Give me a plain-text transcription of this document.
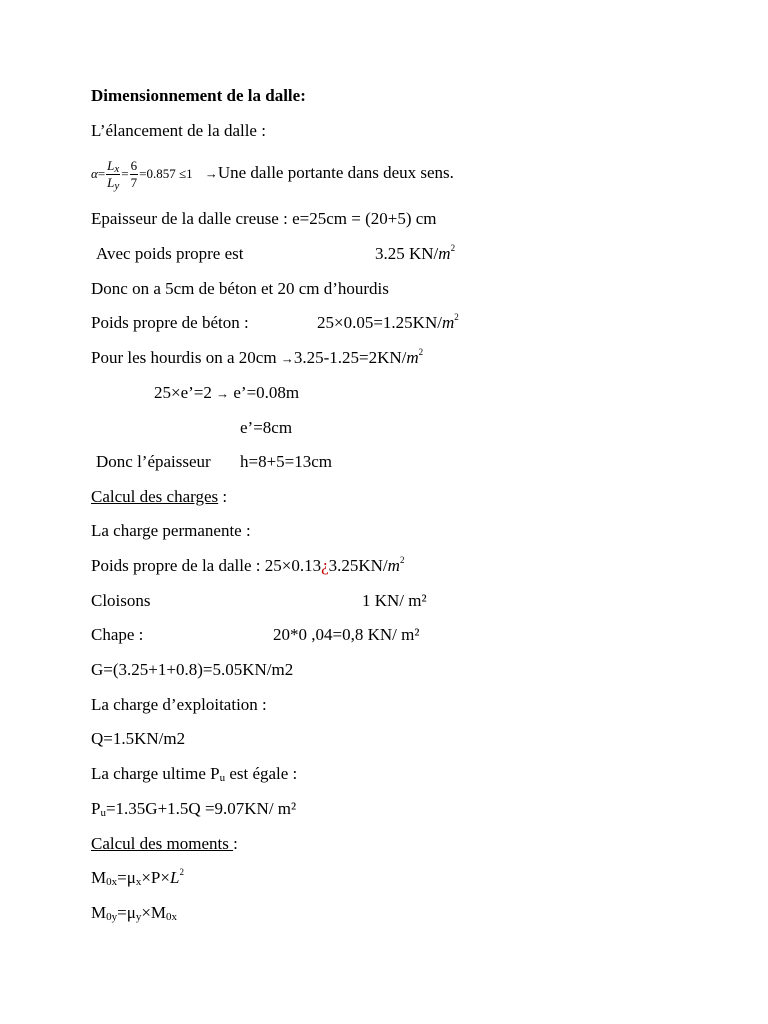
Dimensionnement de la dalle:
L’élancement de la dalle :
$\alpha= \frac{L_x}{L_y} = \frac{6}{7} =0.857 \le 1 \to Une$ dalle portante dans deux sens.
Epaisseur de la dalle creuse : e=25cm = (20+5) cm
Avec poids propre est	3.25 $KN/m^2$
Donc on a 5cm de béton et 20 cm d’hourdis
Poids propre de béton :	$25\times 0.05=1.25KN/m^2$
Pour les hourdis on a $20cm \to 3.25-1.25=2KN/m^2$
25×e’=2 → e’=0.08m
e’=8cm
Donc l’épaisseur h=8+5=13cm
Calcul des charges :
La charge permanente :
Poids propre de la dalle : $25\times 0.13¿3.25KN/m^2$
Cloisons	1 KN/ m²
Chape :	20*0 ,04=0,8 KN/ m²
G=(3.25+1+0.8)=5.05KN/m2
La charge d’exploitation :
Q=1.5KN/m2
La charge ultime $P_u$ est égale :
$P_u=1.35G+1.5Q =9.07KN/$ m²
Calcul des moments :
$M_{0x}=\mu_x\times P\times L^2$
$M_{0y}=\mu_y\times M_{0x}$
